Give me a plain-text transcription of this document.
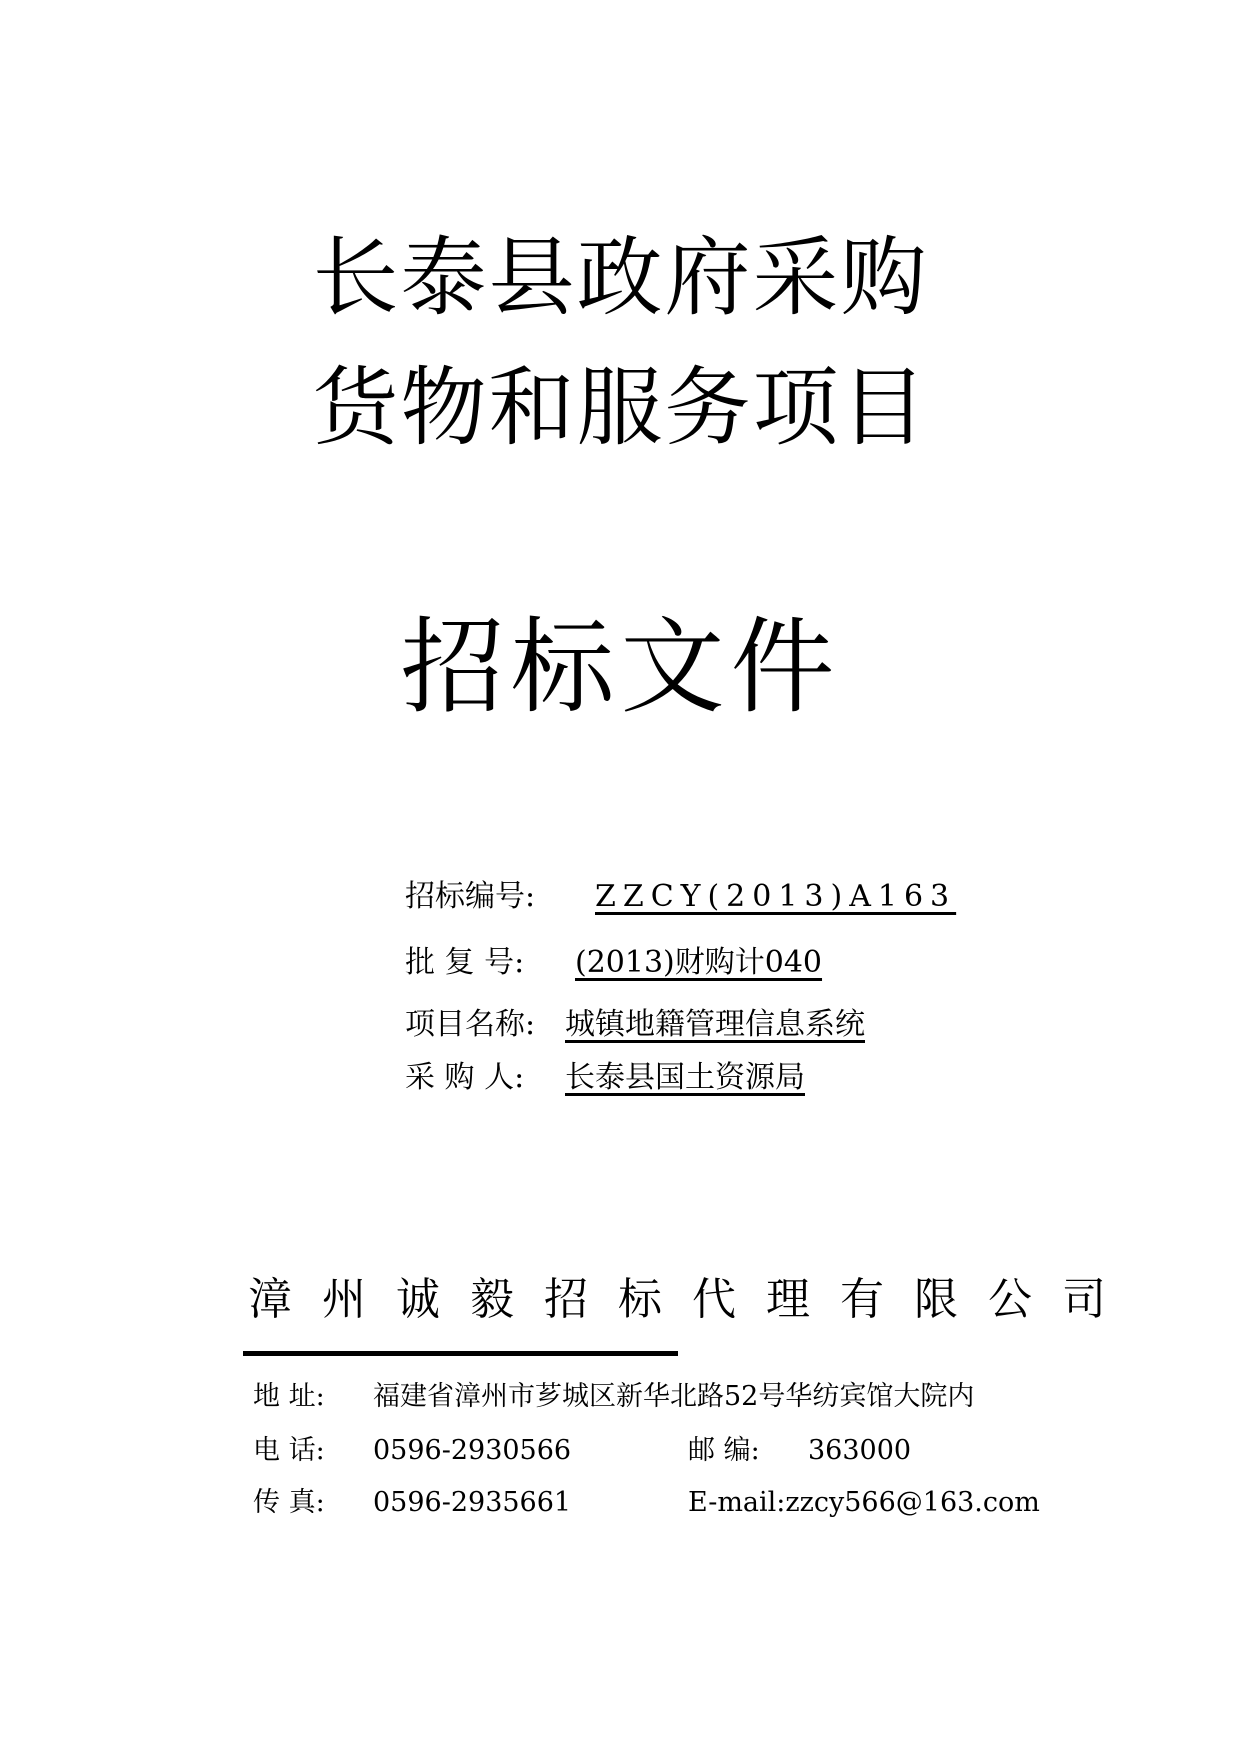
长泰县政府采购
货物和服务项目
招标文件
招标编号: ZZCY(2013)A163
批 复 号: (2013)财购计040
项目名称: 城镇地籍管理信息系统
采 购 人: 长泰县国土资源局
漳州诚毅招标代理有限公司
地 址: 福建省漳州市芗城区新华北路52号华纺宾馆大院内
电 话: 0596-2930566
传 真: 0596-2935661
邮 编: 363000
E-mail:zzcy566@163.com
